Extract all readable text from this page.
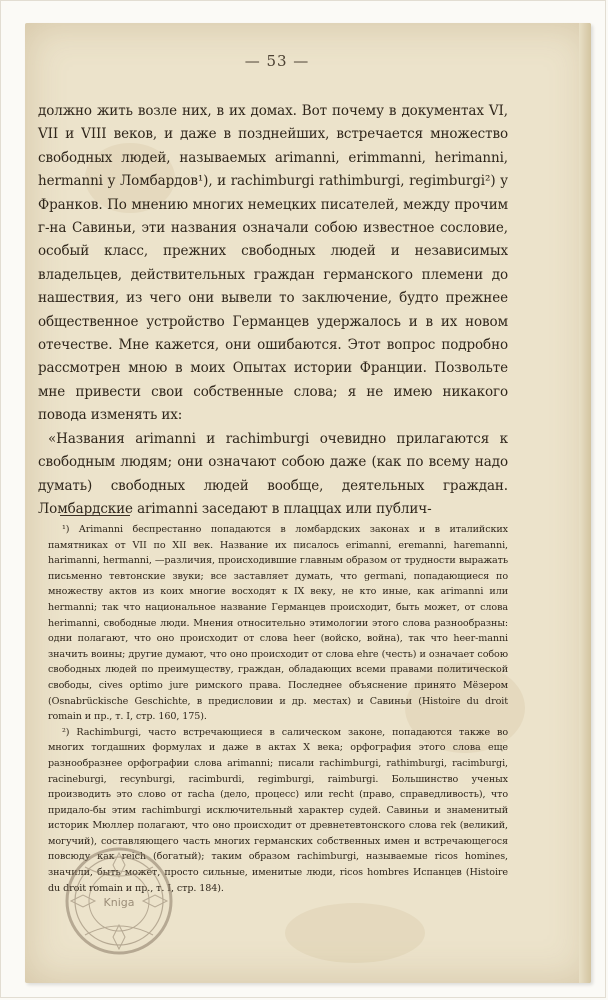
— 53 —

должно жить возле них, в их домах. Вот почему в документах VI, VII и VIII веков, и даже в позднейших, встречается множество свободных людей, называемых arimanni, erimmanni, herimanni, hermanni у Ломбардов¹), и rachimburgi rathimburgi, regimburgi²) у Франков. По мнению многих немецких писателей, между прочим г-на Савиньи, эти названия означали собою известное сословие, особый класс, прежних свободных людей и независимых владельцев, действительных граждан германского племени до нашествия, из чего они вывели то заключение, будто прежнее общественное устройство Германцев удержалось и в их новом отечестве. Мне кажется, они ошибаются. Этот вопрос подробно рассмотрен мною в моих Опытах истории Франции. Позвольте мне привести свои собственные слова; я не имею никакого повода изменять их:

«Названия arimanni и rachimburgi очевидно прилагаются к свободным людям; они означают собою даже (как по всему надо думать) свободных людей вообще, деятельных граждан. Ломбардские arimanni заседают в плаццах или публич-

¹) Arimanni беспрестанно попадаются в ломбардских законах и в италийских памятниках от VII по XII век. Название их писалось erimanni, eremanni, haremanni, harimanni, hermanni, —различия, происходившие главным образом от трудности выражать письменно тевтонские звуки; все заставляет думать, что germani, попадающиеся по множеству актов из коих многие восходят к IX веку, не кто иные, как arimanni или hermanni; так что национальное название Германцев происходит, быть может, от слова herimanni, свободные люди. Мнения относительно этимологии этого слова разнообразны: одни полагают, что оно происходит от слова heer (войско, война), так что heer-manni значить воины; другие думают, что оно происходит от слова ehre (честь) и означает собою свободных людей по преимуществу, граждан, обладающих всеми правами политической свободы, cives optimo jure римского права. Последнее объяснение принято Мёзером (Osnabrückische Geschichte, в предисловии и др. местах) и Савиньи (Histoire du droit romain и пр., т. I, стр. 160, 175).

²) Rachimburgi, часто встречающиеся в салическом законе, попадаются также во многих тогдашних формулах и даже в актах X века; орфография этого слова еще разнообразнее орфографии слова arimanni; писали rachimburgi, rathimburgi, racimburgi, racineburgi, recynburgi, racimburdi, regimburgi, raimburgi. Большинство ученых производить это слово от racha (дело, процесс) или recht (право, справедливость), что придало-бы этим rachimburgi исключительный характер судей. Савиньи и знаменитый историк Мюллер полагают, что оно происходит от древнетевтонского слова rek (великий, могучий), составляющего часть многих германских собственных имен и встречающегося повсюду как reich (богатый); таким образом rachimburgi, называемые ricos homines, значили, быть может, просто сильные, именитые люди, ricos hombres Испанцев (Histoire du droit romain и пр., т. I, стр. 184).

Kniga
